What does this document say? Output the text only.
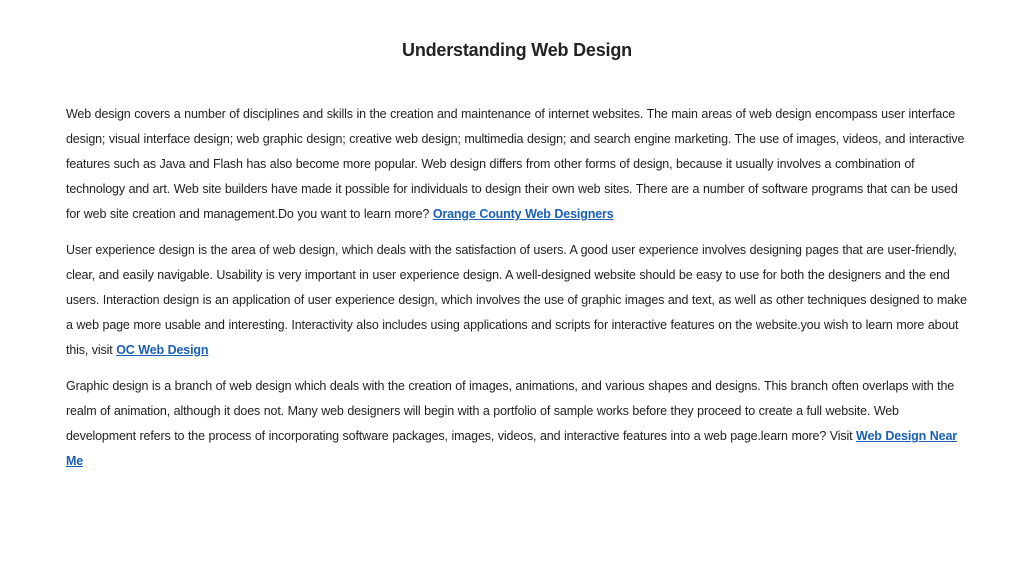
Understanding Web Design

Web design covers a number of disciplines and skills in the creation and maintenance of internet websites. The main areas of web design encompass user interface design; visual interface design; web graphic design; creative web design; multimedia design; and search engine marketing. The use of images, videos, and interactive features such as Java and Flash has also become more popular. Web design differs from other forms of design, because it usually involves a combination of technology and art. Web site builders have made it possible for individuals to design their own web sites. There are a number of software programs that can be used for web site creation and management.Do you want to learn more? Orange County Web Designers

User experience design is the area of web design, which deals with the satisfaction of users. A good user experience involves designing pages that are user-friendly, clear, and easily navigable. Usability is very important in user experience design. A well-designed website should be easy to use for both the designers and the end users. Interaction design is an application of user experience design, which involves the use of graphic images and text, as well as other techniques designed to make a web page more usable and interesting. Interactivity also includes using applications and scripts for interactive features on the website.you wish to learn more about this, visit OC Web Design

Graphic design is a branch of web design which deals with the creation of images, animations, and various shapes and designs. This branch often overlaps with the realm of animation, although it does not. Many web designers will begin with a portfolio of sample works before they proceed to create a full website. Web development refers to the process of incorporating software packages, images, videos, and interactive features into a web page.learn more? Visit Web Design Near Me
